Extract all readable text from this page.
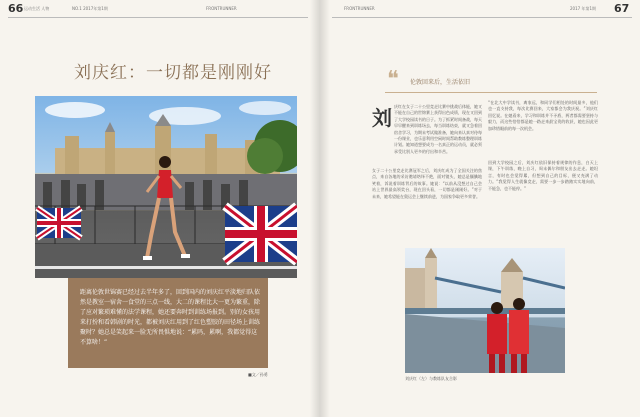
66 运动生活 人物	NO.1 2017年第1期	FRONTRUNNER
刘庆红：一切都是刚刚好
距离伦敦世锦赛已经过去半年多了，回到国内的刘庆红平淡地归队依然是教室一宿舍一食堂的三点一线，大二的课程比大一更为繁重，除了应对繁琐难懂的法学课程，她还要奔时到训练场报到。别的女孩用来打扮和看韩剧的时光，都被刘庆红用到了红色塑胶的田径场上训练聚时？她总是笑起来一脸无所畏惧地说：“累吗，累啊，我都觉得这不算啥！”
■文／孙勇
FRONTRUNNER	2017 年第1期 67
❝ 伦敦回来后，生活依旧
刘 庆红在女子二十公里竞走比赛中挑战后体能，她又不能在自己的世锦赛上获得出色成绩，现在又回到了大学校园读书的日子。为了抓紧时间备战，每天早早醒来到训练场去，每当训练结束，就又急着回宿舍学习，为期末考试做准备，她向来认真对待每一份课业，也乐意利用空闲时间帮助教练整理训练计划。她知道想要成为一名真正的运动员，就必须承受比别人更多的付出和辛苦。
女子二十公里竞走比赛冠军之后，刘庆红成为了全国关注的焦点，来自各地的采访邀请络绎不绝，面对镜头，她总是腼腆地笑着，诉说着训练背后的故事。她说：“以前从没想过自己会站上世界最高领奖台，现在回头看，一切都是刚刚好。”对于未来，她希望能在奥运会上继续前进，为国家争取更多荣誉。
“在北大中学读书，离家远，和同学们相处的时间最多，他们也一直支持我，每次比赛回来，大家都会为我庆祝。”刘庆红回忆说。在她看来，学习和训练并不矛盾，两者都需要坚持与毅力，而这些恰恰都是她一路走来最宝贵的收获，她也因此更加珍惜眼前的每一次机会。
回到大学校园之后，刘庆红依旧保持着规律的作息，白天上课，下午训练，晚上自习，周末偶尔和朋友出去走走。她坦言，有时也会觉得累，但想到自己的目标，便又充满了动力。“我觉得人生就像竞走，需要一步一步踏踏实实地向前，不能急，也不能停。”
刘庆红（左）与教练队友合影
